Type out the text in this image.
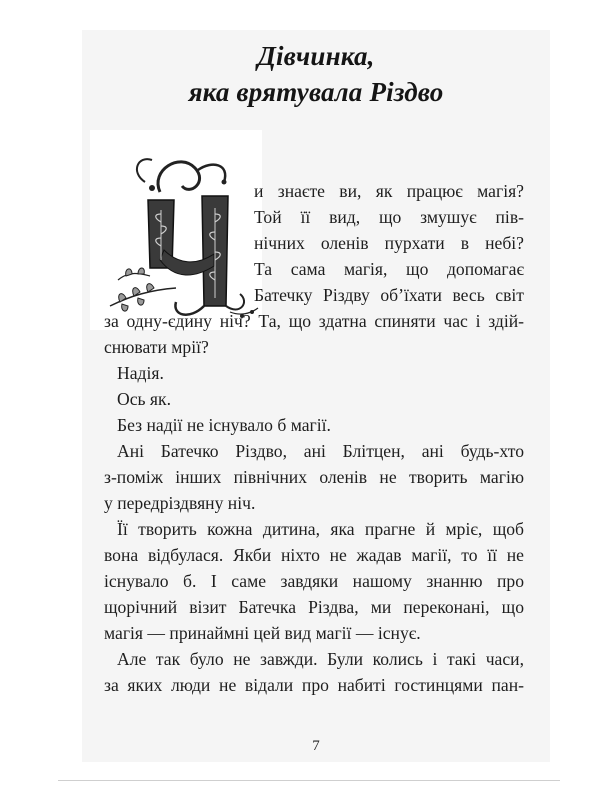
Дівчинка,
яка врятувала Різдво
и знаєте ви, як працює магія?
Той її вид, що змушує пів-
нічних оленів пурхати в небі?
Та сама магія, що допомагає
Батечку Різдву об’їхати весь світ
за одну-єдину ніч? Та, що здатна спиняти час і здій-
снювати мрії?
Надія.
Ось як.
Без надії не існувало б магії.
Ані Батечко Різдво, ані Блітцен, ані будь-хто
з-поміж інших північних оленів не творить магію
у передріздвяну ніч.
Її творить кожна дитина, яка прагне й мріє, щоб
вона відбулася. Якби ніхто не жадав магії, то її не
існувало б. І саме завдяки нашому знанню про
щорічний візит Батечка Різдва, ми переконані, що
магія — принаймні цей вид магії — існує.
Але так було не завжди. Були колись і такі часи,
за яких люди не відали про набиті гостинцями пан-
7
